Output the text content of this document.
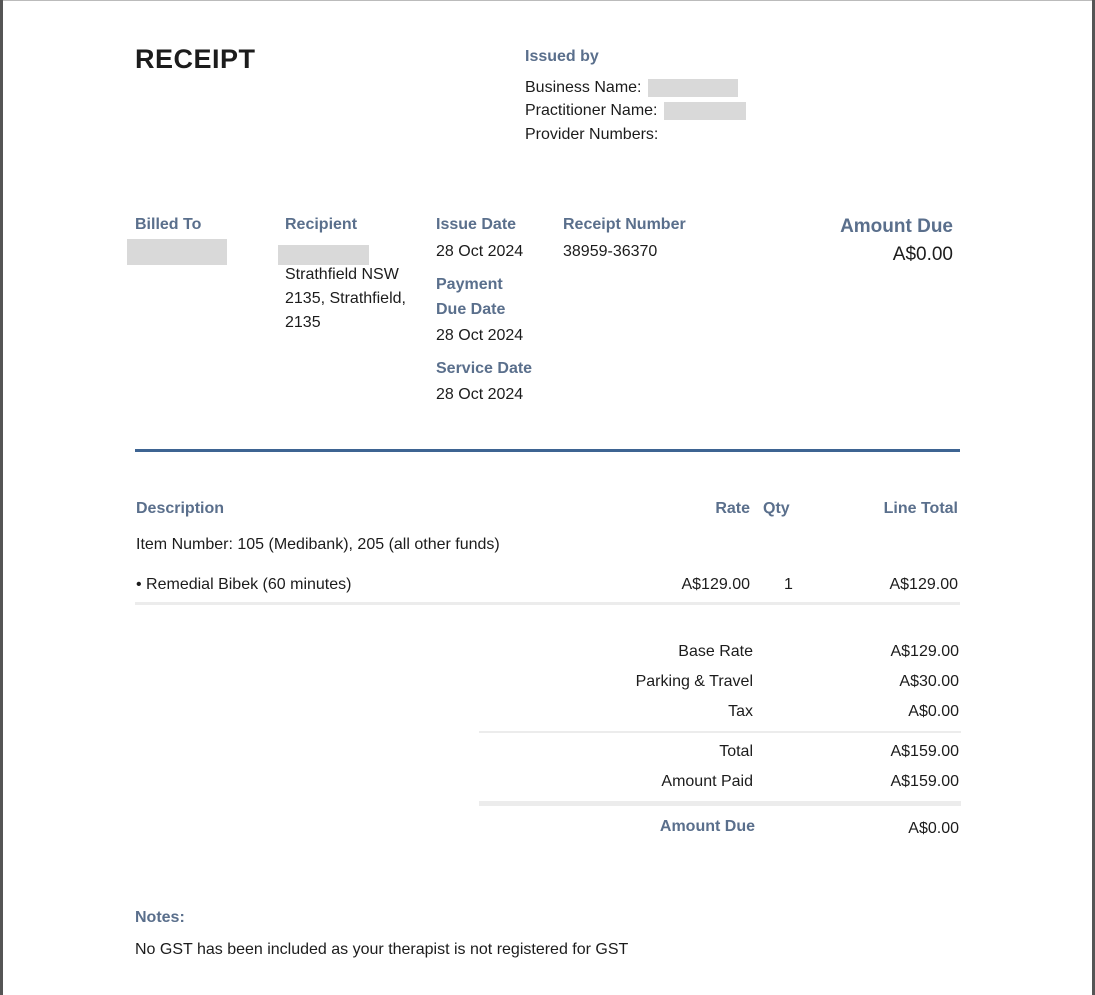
RECEIPT	Issued by
Business Name:
Practitioner Name:
Provider Numbers:
Billed To	Recipient
Strathfield NSW
2135, Strathfield,
2135
Issue Date
28 Oct 2024
Payment
Due Date
28 Oct 2024
Service Date
28 Oct 2024
Receipt Number
38959-36370
Amount Due
A$0.00
Description	Rate Qty	Line Total
Item Number: 105 (Medibank), 205 (all other funds)
• Remedial Bibek (60 minutes)	A$129.00 1	A$129.00
Base Rate	A$129.00
Parking & Travel	A$30.00
Tax	A$0.00
Total	A$159.00
Amount Paid	A$159.00
Amount Due	A$0.00
Notes:
No GST has been included as your therapist is not registered for GST
